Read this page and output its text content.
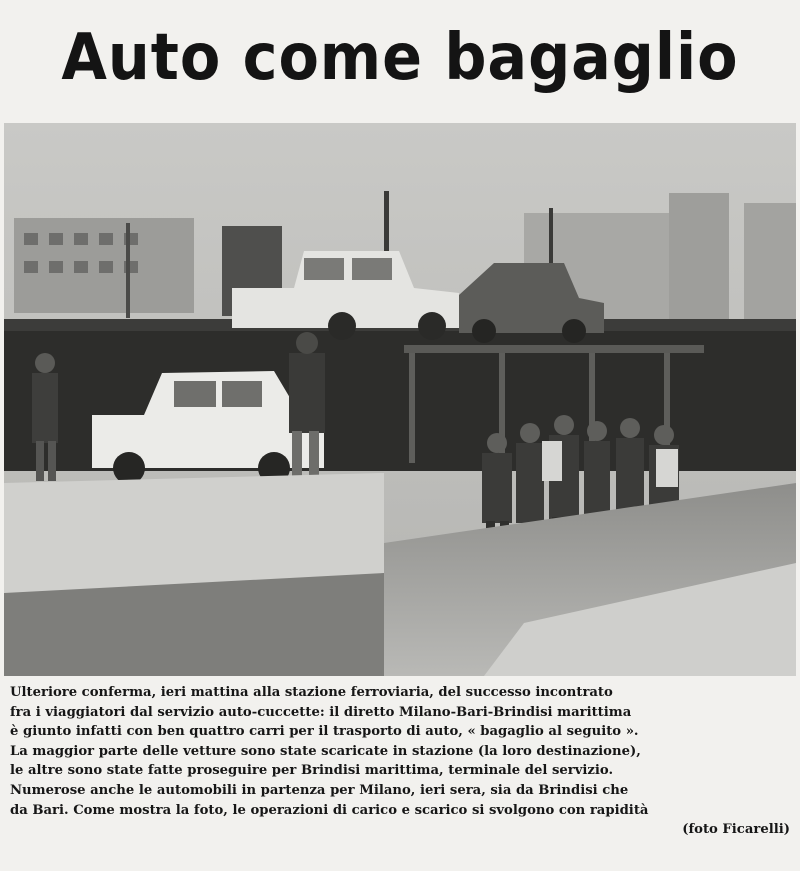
Auto come bagaglio
Ulteriore conferma, ieri mattina alla stazione ferroviaria, del successo incontrato
fra i viaggiatori dal servizio auto-cuccette: il diretto Milano-Bari-Brindisi marittima
è giunto infatti con ben quattro carri per il trasporto di auto, « bagaglio al seguito ».
La maggior parte delle vetture sono state scaricate in stazione (la loro destinazione),
le altre sono state fatte proseguire per Brindisi marittima, terminale del servizio.
Numerose anche le automobili in partenza per Milano, ieri sera, sia da Brindisi che
da Bari. Come mostra la foto, le operazioni di carico e scarico si svolgono con rapidità
(foto Ficarelli)
